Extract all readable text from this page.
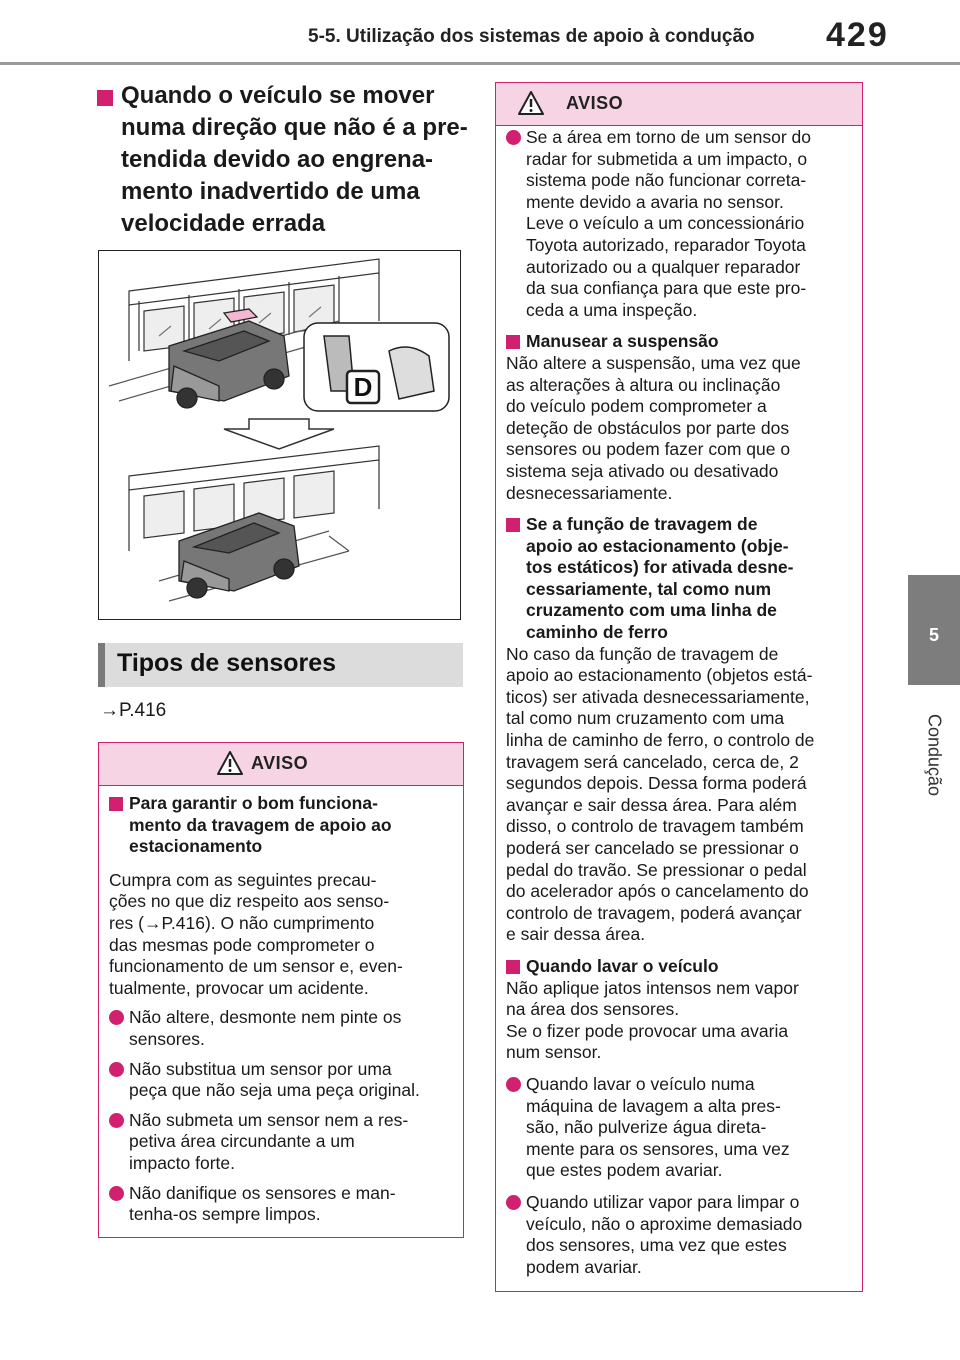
5-5. Utilização dos sistemas de apoio à condução 429
5
Condução
Quando o veículo se mover
numa direção que não é a pre-
tendida devido ao engrena-
mento inadvertido de uma
velocidade errada
D
Tipos de sensores
→P.416
AVISO
Para garantir o bom funciona-
mento da travagem de apoio ao
estacionamento
Cumpra com as seguintes precau-
ções no que diz respeito aos senso-
res (→P.416). O não cumprimento
das mesmas pode comprometer o
funcionamento de um sensor e, even-
tualmente, provocar um acidente.
Não altere, desmonte nem pinte os
sensores.
Não substitua um sensor por uma
peça que não seja uma peça original.
Não submeta um sensor nem a res-
petiva área circundante a um
impacto forte.
Não danifique os sensores e man-
tenha-os sempre limpos.
AVISO
Se a área em torno de um sensor do
radar for submetida a um impacto, o
sistema pode não funcionar correta-
mente devido a avaria no sensor.
Leve o veículo a um concessionário
Toyota autorizado, reparador Toyota
autorizado ou a qualquer reparador
da sua confiança para que este pro-
ceda a uma inspeção.
Manusear a suspensão
Não altere a suspensão, uma vez que
as alterações à altura ou inclinação
do veículo podem comprometer a
deteção de obstáculos por parte dos
sensores ou podem fazer com que o
sistema seja ativado ou desativado
desnecessariamente.
Se a função de travagem de
apoio ao estacionamento (obje-
tos estáticos) for ativada desne-
cessariamente, tal como num
cruzamento com uma linha de
caminho de ferro
No caso da função de travagem de
apoio ao estacionamento (objetos está-
ticos) ser ativada desnecessariamente,
tal como num cruzamento com uma
linha de caminho de ferro, o controlo de
travagem será cancelado, cerca de, 2
segundos depois. Dessa forma poderá
avançar e sair dessa área. Para além
disso, o controlo de travagem também
poderá ser cancelado se pressionar o
pedal do travão. Se pressionar o pedal
do acelerador após o cancelamento do
controlo de travagem, poderá avançar
e sair dessa área.
Quando lavar o veículo
Não aplique jatos intensos nem vapor
na área dos sensores.
Se o fizer pode provocar uma avaria
num sensor.
Quando lavar o veículo numa
máquina de lavagem a alta pres-
são, não pulverize água direta-
mente para os sensores, uma vez
que estes podem avariar.
Quando utilizar vapor para limpar o
veículo, não o aproxime demasiado
dos sensores, uma vez que estes
podem avariar.
